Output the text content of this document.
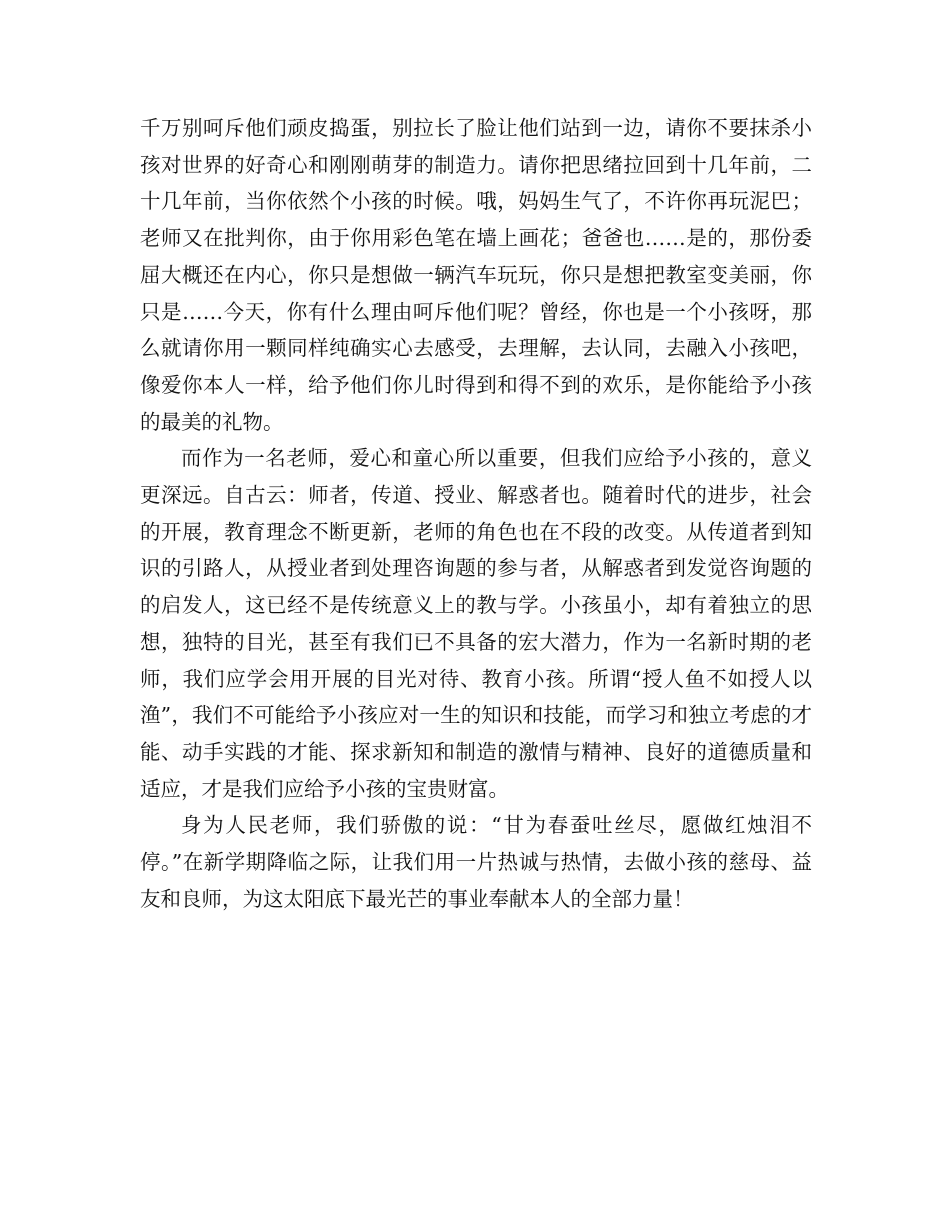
千万别呵斥他们顽皮捣蛋，别拉长了脸让他们站到一边，请你不要抹杀小孩对世界的好奇心和刚刚萌芽的制造力。请你把思绪拉回到十几年前，二十几年前，当你依然个小孩的时候。哦，妈妈生气了，不许你再玩泥巴；老师又在批判你，由于你用彩色笔在墙上画花；爸爸也……是的，那份委屈大概还在内心，你只是想做一辆汽车玩玩，你只是想把教室变美丽，你只是……今天，你有什么理由呵斥他们呢？曾经，你也是一个小孩呀，那么就请你用一颗同样纯确实心去感受，去理解，去认同，去融入小孩吧，像爱你本人一样，给予他们你儿时得到和得不到的欢乐，是你能给予小孩的最美的礼物。

而作为一名老师，爱心和童心所以重要，但我们应给予小孩的，意义更深远。自古云：师者，传道、授业、解惑者也。随着时代的进步，社会的开展，教育理念不断更新，老师的角色也在不段的改变。从传道者到知识的引路人，从授业者到处理咨询题的参与者，从解惑者到发觉咨询题的的启发人，这已经不是传统意义上的教与学。小孩虽小，却有着独立的思想，独特的目光，甚至有我们已不具备的宏大潜力，作为一名新时期的老师，我们应学会用开展的目光对待、教育小孩。所谓“授人鱼不如授人以渔”，我们不可能给予小孩应对一生的知识和技能，而学习和独立考虑的才能、动手实践的才能、探求新知和制造的激情与精神、良好的道德质量和适应，才是我们应给予小孩的宝贵财富。

身为人民老师，我们骄傲的说：“甘为春蚕吐丝尽，愿做红烛泪不停。”在新学期降临之际，让我们用一片热诚与热情，去做小孩的慈母、益友和良师，为这太阳底下最光芒的事业奉献本人的全部力量！
